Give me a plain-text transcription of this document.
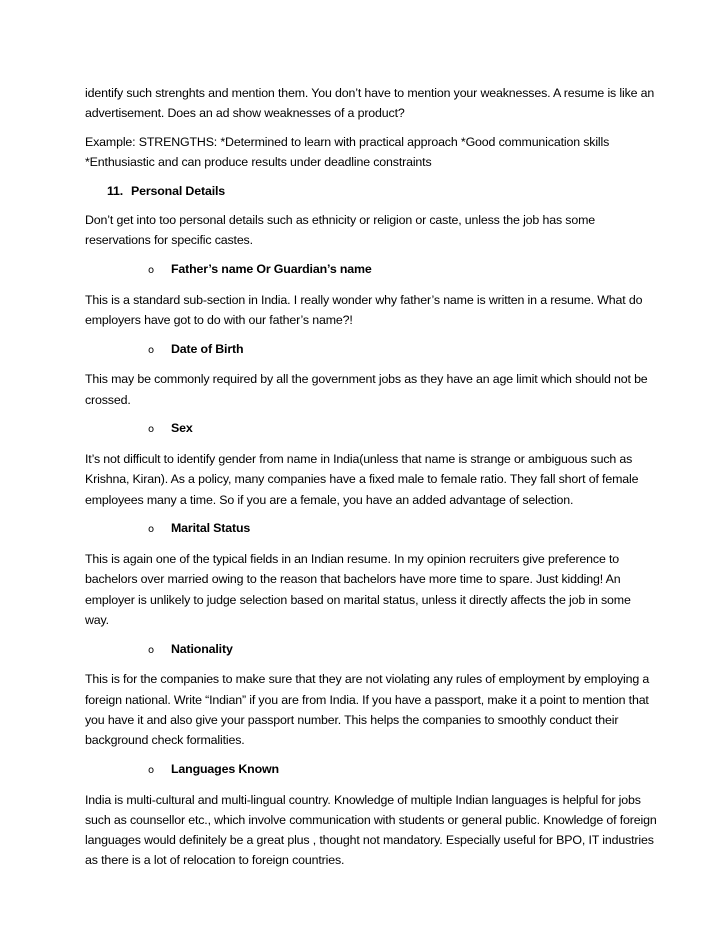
identify such strenghts and mention them. You don’t have to mention your weaknesses. A resume is like an advertisement. Does an ad show weaknesses of a product?

Example: STRENGTHS: *Determined to learn with practical approach *Good communication skills *Enthusiastic and can produce results under deadline constraints

11. Personal Details

Don’t get into too personal details such as ethnicity or religion or caste, unless the job has some reservations for specific castes.

o Father’s name Or Guardian’s name

This is a standard sub-section in India. I really wonder why father’s name is written in a resume. What do employers have got to do with our father’s name?!

o Date of Birth

This may be commonly required by all the government jobs as they have an age limit which should not be crossed.

o Sex

It’s not difficult to identify gender from name in India(unless that name is strange or ambiguous such as Krishna, Kiran). As a policy, many companies have a fixed male to female ratio. They fall short of female employees many a time. So if you are a female, you have an added advantage of selection.

o Marital Status

This is again one of the typical fields in an Indian resume. In my opinion recruiters give preference to bachelors over married owing to the reason that bachelors have more time to spare. Just kidding! An employer is unlikely to judge selection based on marital status, unless it directly affects the job in some way.

o Nationality

This is for the companies to make sure that they are not violating any rules of employment by employing a foreign national. Write “Indian” if you are from India. If you have a passport, make it a point to mention that you have it and also give your passport number. This helps the companies to smoothly conduct their background check formalities.

o Languages Known

India is multi-cultural and multi-lingual country. Knowledge of multiple Indian languages is helpful for jobs such as counsellor etc., which involve communication with students or general public. Knowledge of foreign languages would definitely be a great plus , thought not mandatory. Especially useful for BPO, IT industries as there is a lot of relocation to foreign countries.
